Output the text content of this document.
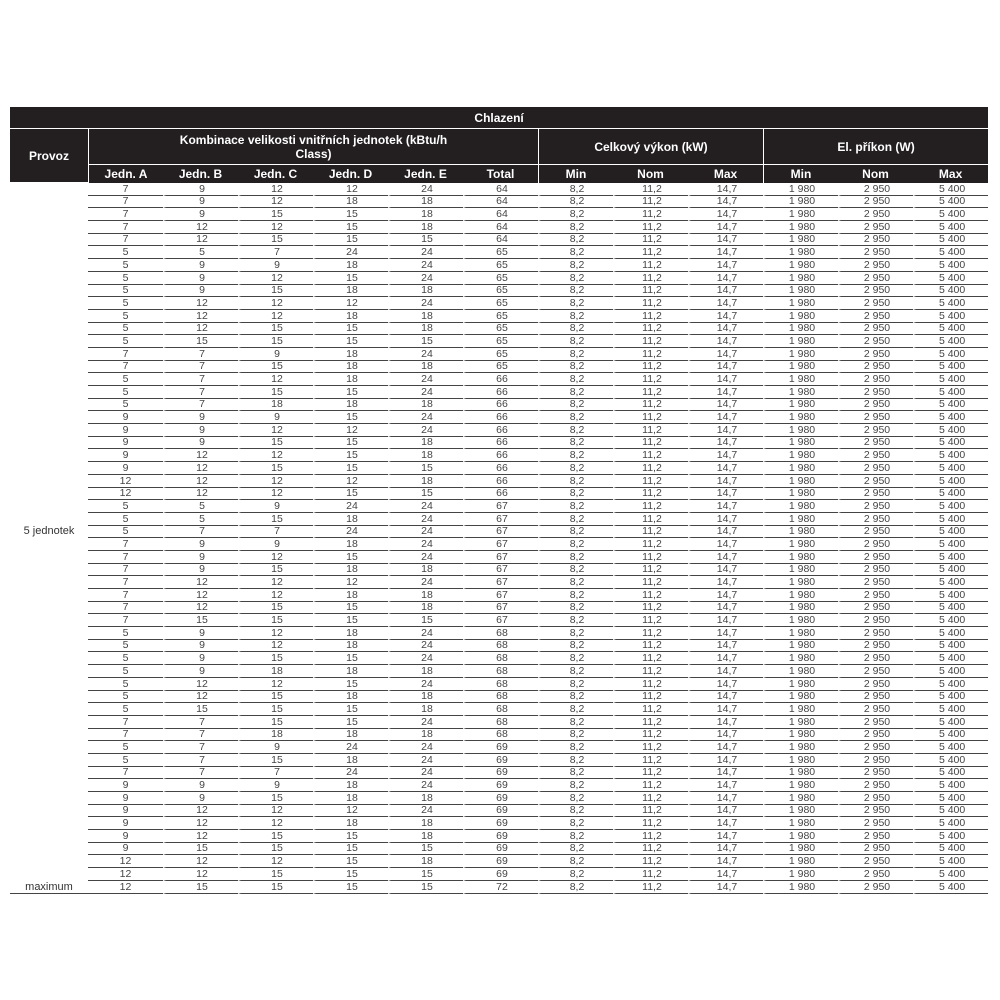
Chlazení												
Provoz	Kombinace velikosti vnitřních jednotek (kBtu/h Class)						Celkový výkon (kW)			El. příkon (W)		
	Jedn. A	Jedn. B	Jedn. C	Jedn. D	Jedn. E	Total	Min	Nom	Max	Min	Nom	Max
5 jednotek	7	9	12	12	24	64	8,2	11,2	14,7	1 980	2 950	5 400
	7	9	12	18	18	64	8,2	11,2	14,7	1 980	2 950	5 400
	7	9	15	15	18	64	8,2	11,2	14,7	1 980	2 950	5 400
	7	12	12	15	18	64	8,2	11,2	14,7	1 980	2 950	5 400
	7	12	15	15	15	64	8,2	11,2	14,7	1 980	2 950	5 400
	5	5	7	24	24	65	8,2	11,2	14,7	1 980	2 950	5 400
	5	9	9	18	24	65	8,2	11,2	14,7	1 980	2 950	5 400
	5	9	12	15	24	65	8,2	11,2	14,7	1 980	2 950	5 400
	5	9	15	18	18	65	8,2	11,2	14,7	1 980	2 950	5 400
	5	12	12	12	24	65	8,2	11,2	14,7	1 980	2 950	5 400
	5	12	12	18	18	65	8,2	11,2	14,7	1 980	2 950	5 400
	5	12	15	15	18	65	8,2	11,2	14,7	1 980	2 950	5 400
	5	15	15	15	15	65	8,2	11,2	14,7	1 980	2 950	5 400
	7	7	9	18	24	65	8,2	11,2	14,7	1 980	2 950	5 400
	7	7	15	18	18	65	8,2	11,2	14,7	1 980	2 950	5 400
	5	7	12	18	24	66	8,2	11,2	14,7	1 980	2 950	5 400
	5	7	15	15	24	66	8,2	11,2	14,7	1 980	2 950	5 400
	5	7	18	18	18	66	8,2	11,2	14,7	1 980	2 950	5 400
	9	9	9	15	24	66	8,2	11,2	14,7	1 980	2 950	5 400
	9	9	12	12	24	66	8,2	11,2	14,7	1 980	2 950	5 400
	9	9	15	15	18	66	8,2	11,2	14,7	1 980	2 950	5 400
	9	12	12	15	18	66	8,2	11,2	14,7	1 980	2 950	5 400
	9	12	15	15	15	66	8,2	11,2	14,7	1 980	2 950	5 400
	12	12	12	12	18	66	8,2	11,2	14,7	1 980	2 950	5 400
	12	12	12	15	15	66	8,2	11,2	14,7	1 980	2 950	5 400
	5	5	9	24	24	67	8,2	11,2	14,7	1 980	2 950	5 400
	5	5	15	18	24	67	8,2	11,2	14,7	1 980	2 950	5 400
	5	7	7	24	24	67	8,2	11,2	14,7	1 980	2 950	5 400
	7	9	9	18	24	67	8,2	11,2	14,7	1 980	2 950	5 400
	7	9	12	15	24	67	8,2	11,2	14,7	1 980	2 950	5 400
	7	9	15	18	18	67	8,2	11,2	14,7	1 980	2 950	5 400
	7	12	12	12	24	67	8,2	11,2	14,7	1 980	2 950	5 400
	7	12	12	18	18	67	8,2	11,2	14,7	1 980	2 950	5 400
	7	12	15	15	18	67	8,2	11,2	14,7	1 980	2 950	5 400
	7	15	15	15	15	67	8,2	11,2	14,7	1 980	2 950	5 400
	5	9	12	18	24	68	8,2	11,2	14,7	1 980	2 950	5 400
	5	9	12	18	24	68	8,2	11,2	14,7	1 980	2 950	5 400
	5	9	15	15	24	68	8,2	11,2	14,7	1 980	2 950	5 400
	5	9	18	18	18	68	8,2	11,2	14,7	1 980	2 950	5 400
	5	12	12	15	24	68	8,2	11,2	14,7	1 980	2 950	5 400
	5	12	15	18	18	68	8,2	11,2	14,7	1 980	2 950	5 400
	5	15	15	15	18	68	8,2	11,2	14,7	1 980	2 950	5 400
	7	7	15	15	24	68	8,2	11,2	14,7	1 980	2 950	5 400
	7	7	18	18	18	68	8,2	11,2	14,7	1 980	2 950	5 400
	5	7	9	24	24	69	8,2	11,2	14,7	1 980	2 950	5 400
	5	7	15	18	24	69	8,2	11,2	14,7	1 980	2 950	5 400
	7	7	7	24	24	69	8,2	11,2	14,7	1 980	2 950	5 400
	9	9	9	18	24	69	8,2	11,2	14,7	1 980	2 950	5 400
	9	9	15	18	18	69	8,2	11,2	14,7	1 980	2 950	5 400
	9	12	12	12	24	69	8,2	11,2	14,7	1 980	2 950	5 400
	9	12	12	18	18	69	8,2	11,2	14,7	1 980	2 950	5 400
	9	12	15	15	18	69	8,2	11,2	14,7	1 980	2 950	5 400
	9	15	15	15	15	69	8,2	11,2	14,7	1 980	2 950	5 400
	12	12	12	15	18	69	8,2	11,2	14,7	1 980	2 950	5 400
	12	12	15	15	15	69	8,2	11,2	14,7	1 980	2 950	5 400
maximum	12	15	15	15	15	72	8,2	11,2	14,7	1 980	2 950	5 400
